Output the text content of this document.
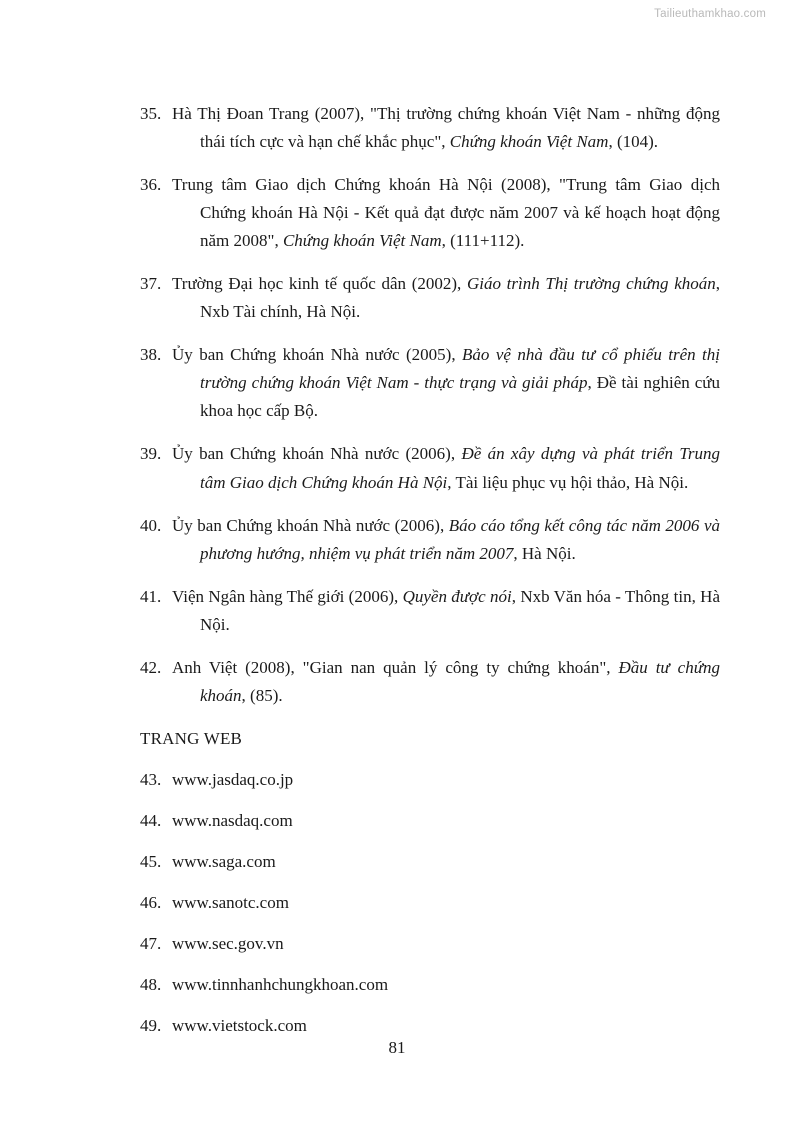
Tailieuthamkhao.com
35. Hà Thị Đoan Trang (2007), "Thị trường chứng khoán Việt Nam - những động thái tích cực và hạn chế khắc phục", Chứng khoán Việt Nam, (104).
36. Trung tâm Giao dịch Chứng khoán Hà Nội (2008), "Trung tâm Giao dịch Chứng khoán Hà Nội - Kết quả đạt được năm 2007 và kế hoạch hoạt động năm 2008", Chứng khoán Việt Nam, (111+112).
37. Trường Đại học kinh tế quốc dân (2002), Giáo trình Thị trường chứng khoán, Nxb Tài chính, Hà Nội.
38. Ủy ban Chứng khoán Nhà nước (2005), Bảo vệ nhà đầu tư cổ phiếu trên thị trường chứng khoán Việt Nam - thực trạng và giải pháp, Đề tài nghiên cứu khoa học cấp Bộ.
39. Ủy ban Chứng khoán Nhà nước (2006), Đề án xây dựng và phát triển Trung tâm Giao dịch Chứng khoán Hà Nội, Tài liệu phục vụ hội thảo, Hà Nội.
40. Ủy ban Chứng khoán Nhà nước (2006), Báo cáo tổng kết công tác năm 2006 và phương hướng, nhiệm vụ phát triển năm 2007, Hà Nội.
41. Viện Ngân hàng Thế giới (2006), Quyền được nói, Nxb Văn hóa - Thông tin, Hà Nội.
42. Anh Việt (2008), "Gian nan quản lý công ty chứng khoán", Đầu tư chứng khoán, (85).
TRANG WEB
43. www.jasdaq.co.jp
44. www.nasdaq.com
45. www.saga.com
46. www.sanotc.com
47. www.sec.gov.vn
48. www.tinnhanhchungkhoan.com
49. www.vietstock.com
81
